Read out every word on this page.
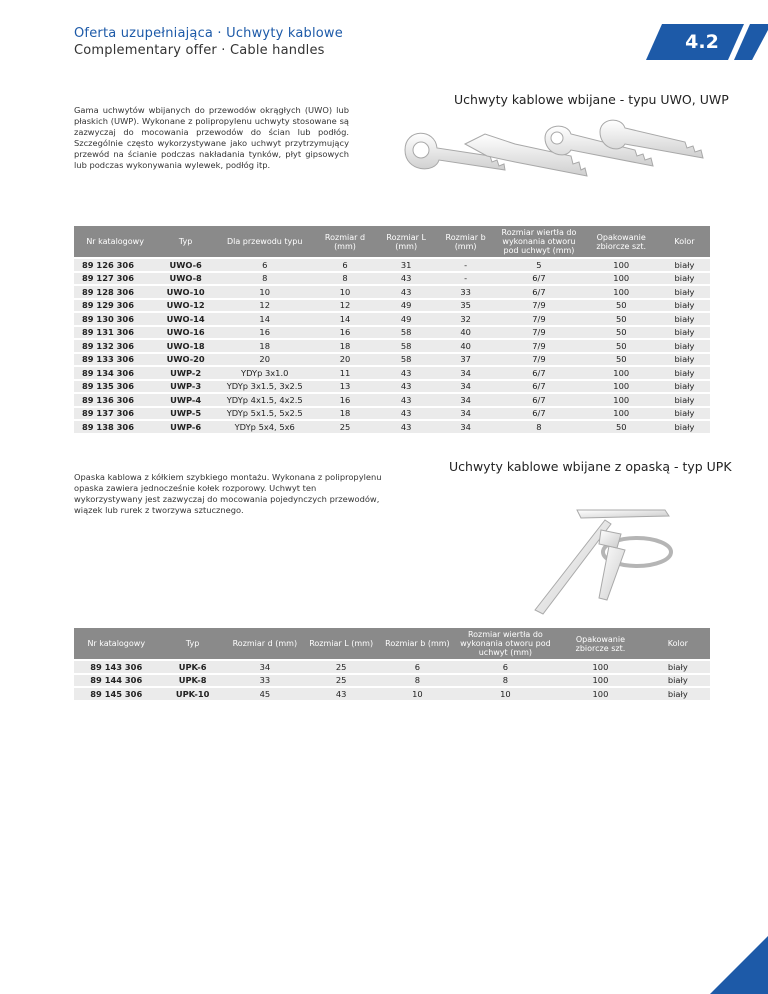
Oferta uzupełniająca · Uchwyty kablowe
Complementary offer · Cable handles	4.2
Uchwyty kablowe wbijane - typu UWO, UWP
Gama uchwytów wbijanych do przewodów okrągłych (UWO) lub płaskich (UWP). Wykonane z polipropylenu uchwyty stosowane są zazwyczaj do mocowania przewodów do ścian lub podłóg. Szczególnie często wykorzystywane jako uchwyt przytrzymujący przewód na ścianie podczas nakładania tynków, płyt gipsowych lub podczas wykonywania wylewek, podłóg itp.
Nr katalogowy	Typ	Dla przewodu typu	Rozmiar d (mm)	Rozmiar L (mm)	Rozmiar b (mm)	Rozmiar wiertła do wykonania otworu pod uchwyt (mm)	Opakowanie zbiorcze szt.	Kolor
89 126 306	UWO-6	6	6	31	-	5	100	biały
89 127 306	UWO-8	8	8	43	-	6/7	100	biały
89 128 306	UWO-10	10	10	43	33	6/7	100	biały
89 129 306	UWO-12	12	12	49	35	7/9	50	biały
89 130 306	UWO-14	14	14	49	32	7/9	50	biały
89 131 306	UWO-16	16	16	58	40	7/9	50	biały
89 132 306	UWO-18	18	18	58	40	7/9	50	biały
89 133 306	UWO-20	20	20	58	37	7/9	50	biały
89 134 306	UWP-2	YDYp 3x1.0	11	43	34	6/7	100	biały
89 135 306	UWP-3	YDYp 3x1.5, 3x2.5	13	43	34	6/7	100	biały
89 136 306	UWP-4	YDYp 4x1.5, 4x2.5	16	43	34	6/7	100	biały
89 137 306	UWP-5	YDYp 5x1.5, 5x2.5	18	43	34	6/7	100	biały
89 138 306	UWP-6	YDYp 5x4, 5x6	25	43	34	8	50	biały
Uchwyty kablowe wbijane z opaską - typ UPK
Opaska kablowa z kółkiem szybkiego montażu. Wykonana z polipropylenu opaska zawiera jednocześnie kołek rozporowy. Uchwyt ten wykorzystywany jest zazwyczaj do mocowania pojedynczych przewodów, wiązek lub rurek z tworzywa sztucznego.
Nr katalogowy	Typ	Rozmiar d (mm)	Rozmiar L (mm)	Rozmiar b (mm)	Rozmiar wiertła do wykonania otworu pod uchwyt (mm)	Opakowanie zbiorcze szt.	Kolor
89 143 306	UPK-6	34	25	6	6	100	biały
89 144 306	UPK-8	33	25	8	8	100	biały
89 145 306	UPK-10	45	43	10	10	100	biały
79
